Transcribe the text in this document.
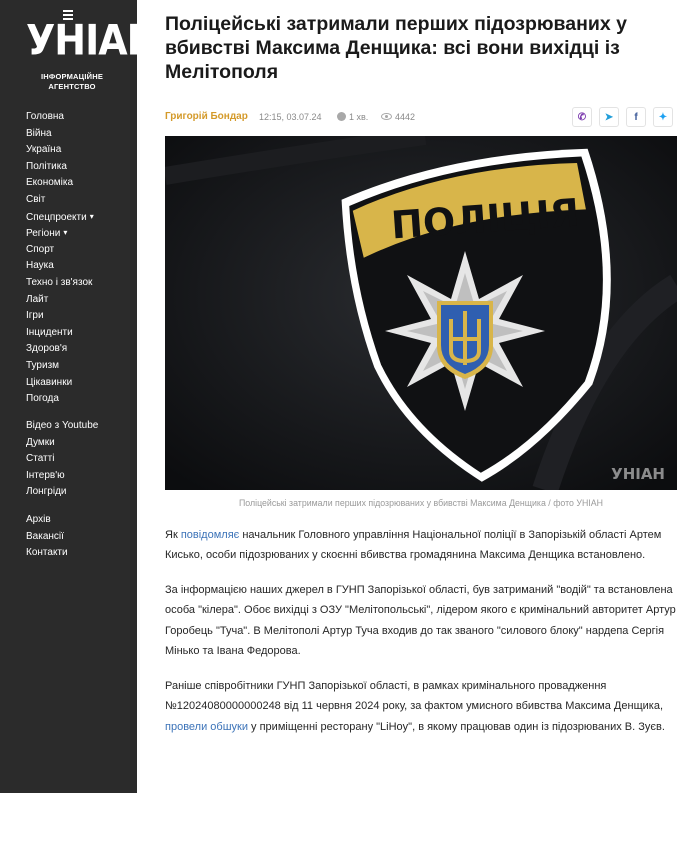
УНІАН
ІНФОРМАЦІЙНЕ
АГЕНТСТВО
Головна
Війна
Україна
Політика
Економіка
Світ
Спецпроекти ▾
Регіони ▾
Спорт
Наука
Техно і зв'язок
Лайт
Ігри
Інциденти
Здоров'я
Туризм
Цікавинки
Погода
Відео з Youtube
Думки
Статті
Інтерв'ю
Лонгріди
Архів
Вакансії
Контакти
Поліцейські затримали перших підозрюваних у вбивстві Максима Денщика: всі вони вихідці із Мелітополя
Григорій Бондар 12:15, 03.07.24	1 хв.	4442	✆ ➤ f ✦
ПОЛІЦІЯ
УНІАН
Поліцейські затримали перших підозрюваних у вбивстві Максима Денщика / фото УНІАН

Як повідомляє начальник Головного управління Національної поліції в Запорізькій області Артем Кисько, особи підозрюваних у скоєнні вбивства громадянина Максима Денщика встановлено.

За інформацією наших джерел в ГУНП Запорізької області, був затриманий "водій" та встановлена особа "кілера". Обоє вихідці з ОЗУ "Мелітопольські", лідером якого є кримінальний авторитет Артур Горобець "Туча". В Мелітополі Артур Туча входив до так званого "силового блоку" нардепа Сергія Мінько та Івана Федорова.

Раніше співробітники ГУНП Запорізької області, в рамках кримінального провадження №12024080000000248 від 11 червня 2024 року, за фактом умисного вбивства Максима Денщика, провели обшуки у приміщенні ресторану "LiHoy", в якому працював один із підозрюваних В. Зуєв.
